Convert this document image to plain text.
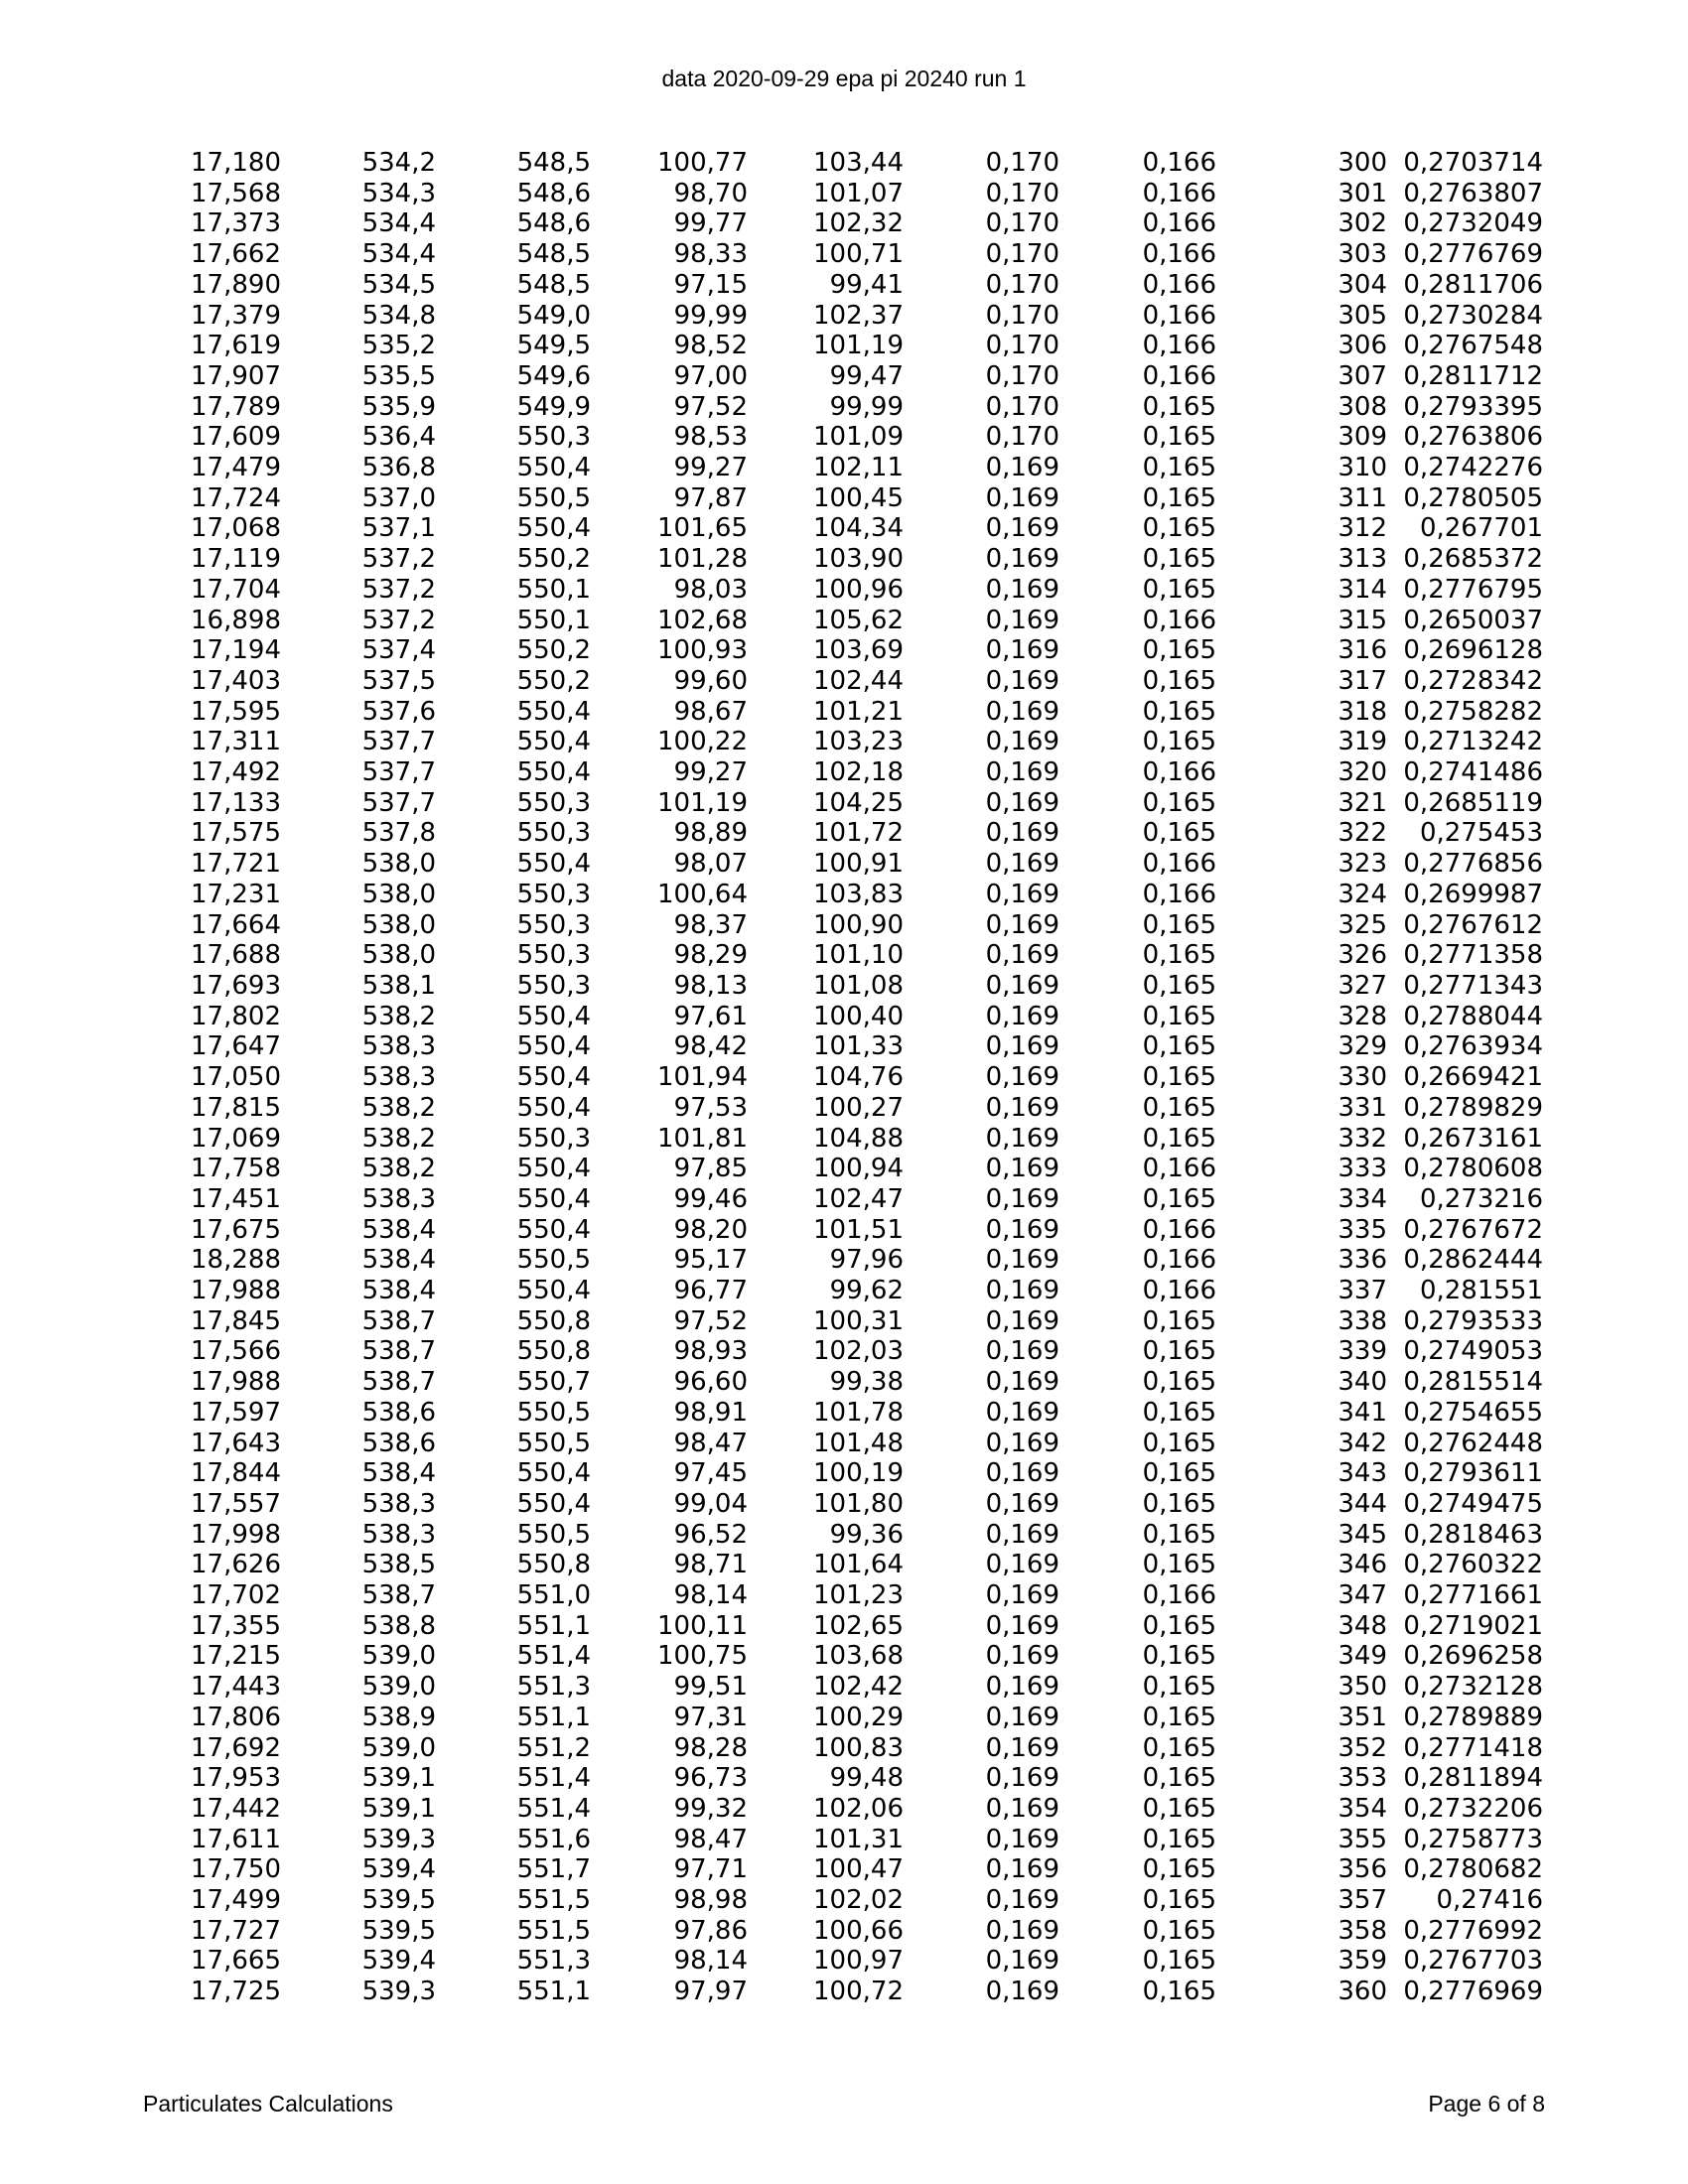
data 2020-09-29 epa pi 20240 run 1
17,180	534,2	548,5	100,77	103,44	0,170	0,166	300	0,2703714
17,568	534,3	548,6	98,70	101,07	0,170	0,166	301	0,2763807
17,373	534,4	548,6	99,77	102,32	0,170	0,166	302	0,2732049
17,662	534,4	548,5	98,33	100,71	0,170	0,166	303	0,2776769
17,890	534,5	548,5	97,15	99,41	0,170	0,166	304	0,2811706
17,379	534,8	549,0	99,99	102,37	0,170	0,166	305	0,2730284
17,619	535,2	549,5	98,52	101,19	0,170	0,166	306	0,2767548
17,907	535,5	549,6	97,00	99,47	0,170	0,166	307	0,2811712
17,789	535,9	549,9	97,52	99,99	0,170	0,165	308	0,2793395
17,609	536,4	550,3	98,53	101,09	0,170	0,165	309	0,2763806
17,479	536,8	550,4	99,27	102,11	0,169	0,165	310	0,2742276
17,724	537,0	550,5	97,87	100,45	0,169	0,165	311	0,2780505
17,068	537,1	550,4	101,65	104,34	0,169	0,165	312	0,267701
17,119	537,2	550,2	101,28	103,90	0,169	0,165	313	0,2685372
17,704	537,2	550,1	98,03	100,96	0,169	0,165	314	0,2776795
16,898	537,2	550,1	102,68	105,62	0,169	0,166	315	0,2650037
17,194	537,4	550,2	100,93	103,69	0,169	0,165	316	0,2696128
17,403	537,5	550,2	99,60	102,44	0,169	0,165	317	0,2728342
17,595	537,6	550,4	98,67	101,21	0,169	0,165	318	0,2758282
17,311	537,7	550,4	100,22	103,23	0,169	0,165	319	0,2713242
17,492	537,7	550,4	99,27	102,18	0,169	0,166	320	0,2741486
17,133	537,7	550,3	101,19	104,25	0,169	0,165	321	0,2685119
17,575	537,8	550,3	98,89	101,72	0,169	0,165	322	0,275453
17,721	538,0	550,4	98,07	100,91	0,169	0,166	323	0,2776856
17,231	538,0	550,3	100,64	103,83	0,169	0,166	324	0,2699987
17,664	538,0	550,3	98,37	100,90	0,169	0,165	325	0,2767612
17,688	538,0	550,3	98,29	101,10	0,169	0,165	326	0,2771358
17,693	538,1	550,3	98,13	101,08	0,169	0,165	327	0,2771343
17,802	538,2	550,4	97,61	100,40	0,169	0,165	328	0,2788044
17,647	538,3	550,4	98,42	101,33	0,169	0,165	329	0,2763934
17,050	538,3	550,4	101,94	104,76	0,169	0,165	330	0,2669421
17,815	538,2	550,4	97,53	100,27	0,169	0,165	331	0,2789829
17,069	538,2	550,3	101,81	104,88	0,169	0,165	332	0,2673161
17,758	538,2	550,4	97,85	100,94	0,169	0,166	333	0,2780608
17,451	538,3	550,4	99,46	102,47	0,169	0,165	334	0,273216
17,675	538,4	550,4	98,20	101,51	0,169	0,166	335	0,2767672
18,288	538,4	550,5	95,17	97,96	0,169	0,166	336	0,2862444
17,988	538,4	550,4	96,77	99,62	0,169	0,166	337	0,281551
17,845	538,7	550,8	97,52	100,31	0,169	0,165	338	0,2793533
17,566	538,7	550,8	98,93	102,03	0,169	0,165	339	0,2749053
17,988	538,7	550,7	96,60	99,38	0,169	0,165	340	0,2815514
17,597	538,6	550,5	98,91	101,78	0,169	0,165	341	0,2754655
17,643	538,6	550,5	98,47	101,48	0,169	0,165	342	0,2762448
17,844	538,4	550,4	97,45	100,19	0,169	0,165	343	0,2793611
17,557	538,3	550,4	99,04	101,80	0,169	0,165	344	0,2749475
17,998	538,3	550,5	96,52	99,36	0,169	0,165	345	0,2818463
17,626	538,5	550,8	98,71	101,64	0,169	0,165	346	0,2760322
17,702	538,7	551,0	98,14	101,23	0,169	0,166	347	0,2771661
17,355	538,8	551,1	100,11	102,65	0,169	0,165	348	0,2719021
17,215	539,0	551,4	100,75	103,68	0,169	0,165	349	0,2696258
17,443	539,0	551,3	99,51	102,42	0,169	0,165	350	0,2732128
17,806	538,9	551,1	97,31	100,29	0,169	0,165	351	0,2789889
17,692	539,0	551,2	98,28	100,83	0,169	0,165	352	0,2771418
17,953	539,1	551,4	96,73	99,48	0,169	0,165	353	0,2811894
17,442	539,1	551,4	99,32	102,06	0,169	0,165	354	0,2732206
17,611	539,3	551,6	98,47	101,31	0,169	0,165	355	0,2758773
17,750	539,4	551,7	97,71	100,47	0,169	0,165	356	0,2780682
17,499	539,5	551,5	98,98	102,02	0,169	0,165	357	0,27416
17,727	539,5	551,5	97,86	100,66	0,169	0,165	358	0,2776992
17,665	539,4	551,3	98,14	100,97	0,169	0,165	359	0,2767703
17,725	539,3	551,1	97,97	100,72	0,169	0,165	360	0,2776969
Particulates Calculations	Page 6 of 8
